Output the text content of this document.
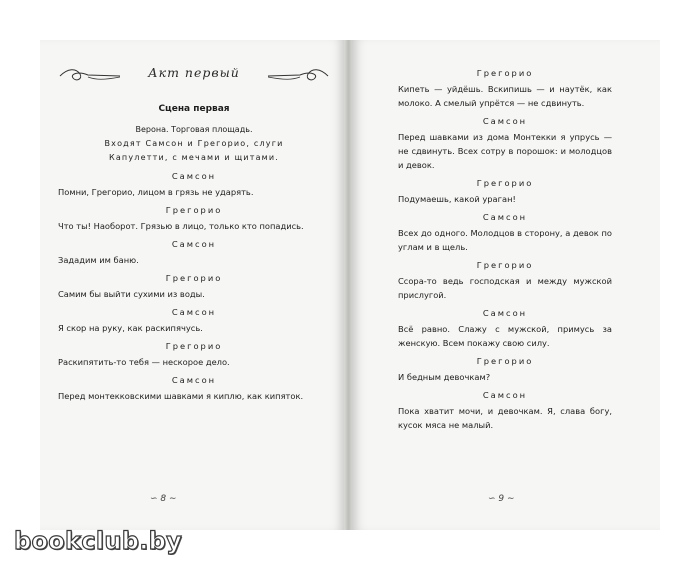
Акт первый
Сцена первая
Верона. Торговая площадь.
Входят Самсон и Грегорио, слуги
Капулетти, с мечами и щитами.
Самсон
Помни, Грегорио, лицом в грязь не ударять.
Грегорио
Что ты! Наоборот. Грязью в лицо, только кто попадись.
Самсон
Зададим им баню.
Грегорио
Самим бы выйти сухими из воды.
Самсон
Я скор на руку, как раскипячусь.
Грегорио
Раскипятить-то тебя — нескорое дело.
Самсон
Перед монтекковскими шавками я киплю, как кипяток.
Грегорио
Кипеть — уйдёшь. Вскипишь — и наутёк, как молоко. А смелый упрётся — не сдвинуть.
Самсон
Перед шавками из дома Монтекки я упрусь — не сдвинуть. Всех сотру в порошок: и молодцов и девок.
Грегорио
Подумаешь, какой ураган!
Самсон
Всех до одного. Молодцов в сторону, а девок по углам и в щель.
Грегорио
Ссора-то ведь господская и между мужской прислугой.
Самсон
Всё равно. Слажу с мужской, примусь за женскую. Всем покажу свою силу.
Грегорио
И бедным девочкам?
Самсон
Пока хватит мочи, и девочкам. Я, слава богу, кусок мяса не малый.
∽ 8 ∼	∽ 9 ∼
bookclub.by
